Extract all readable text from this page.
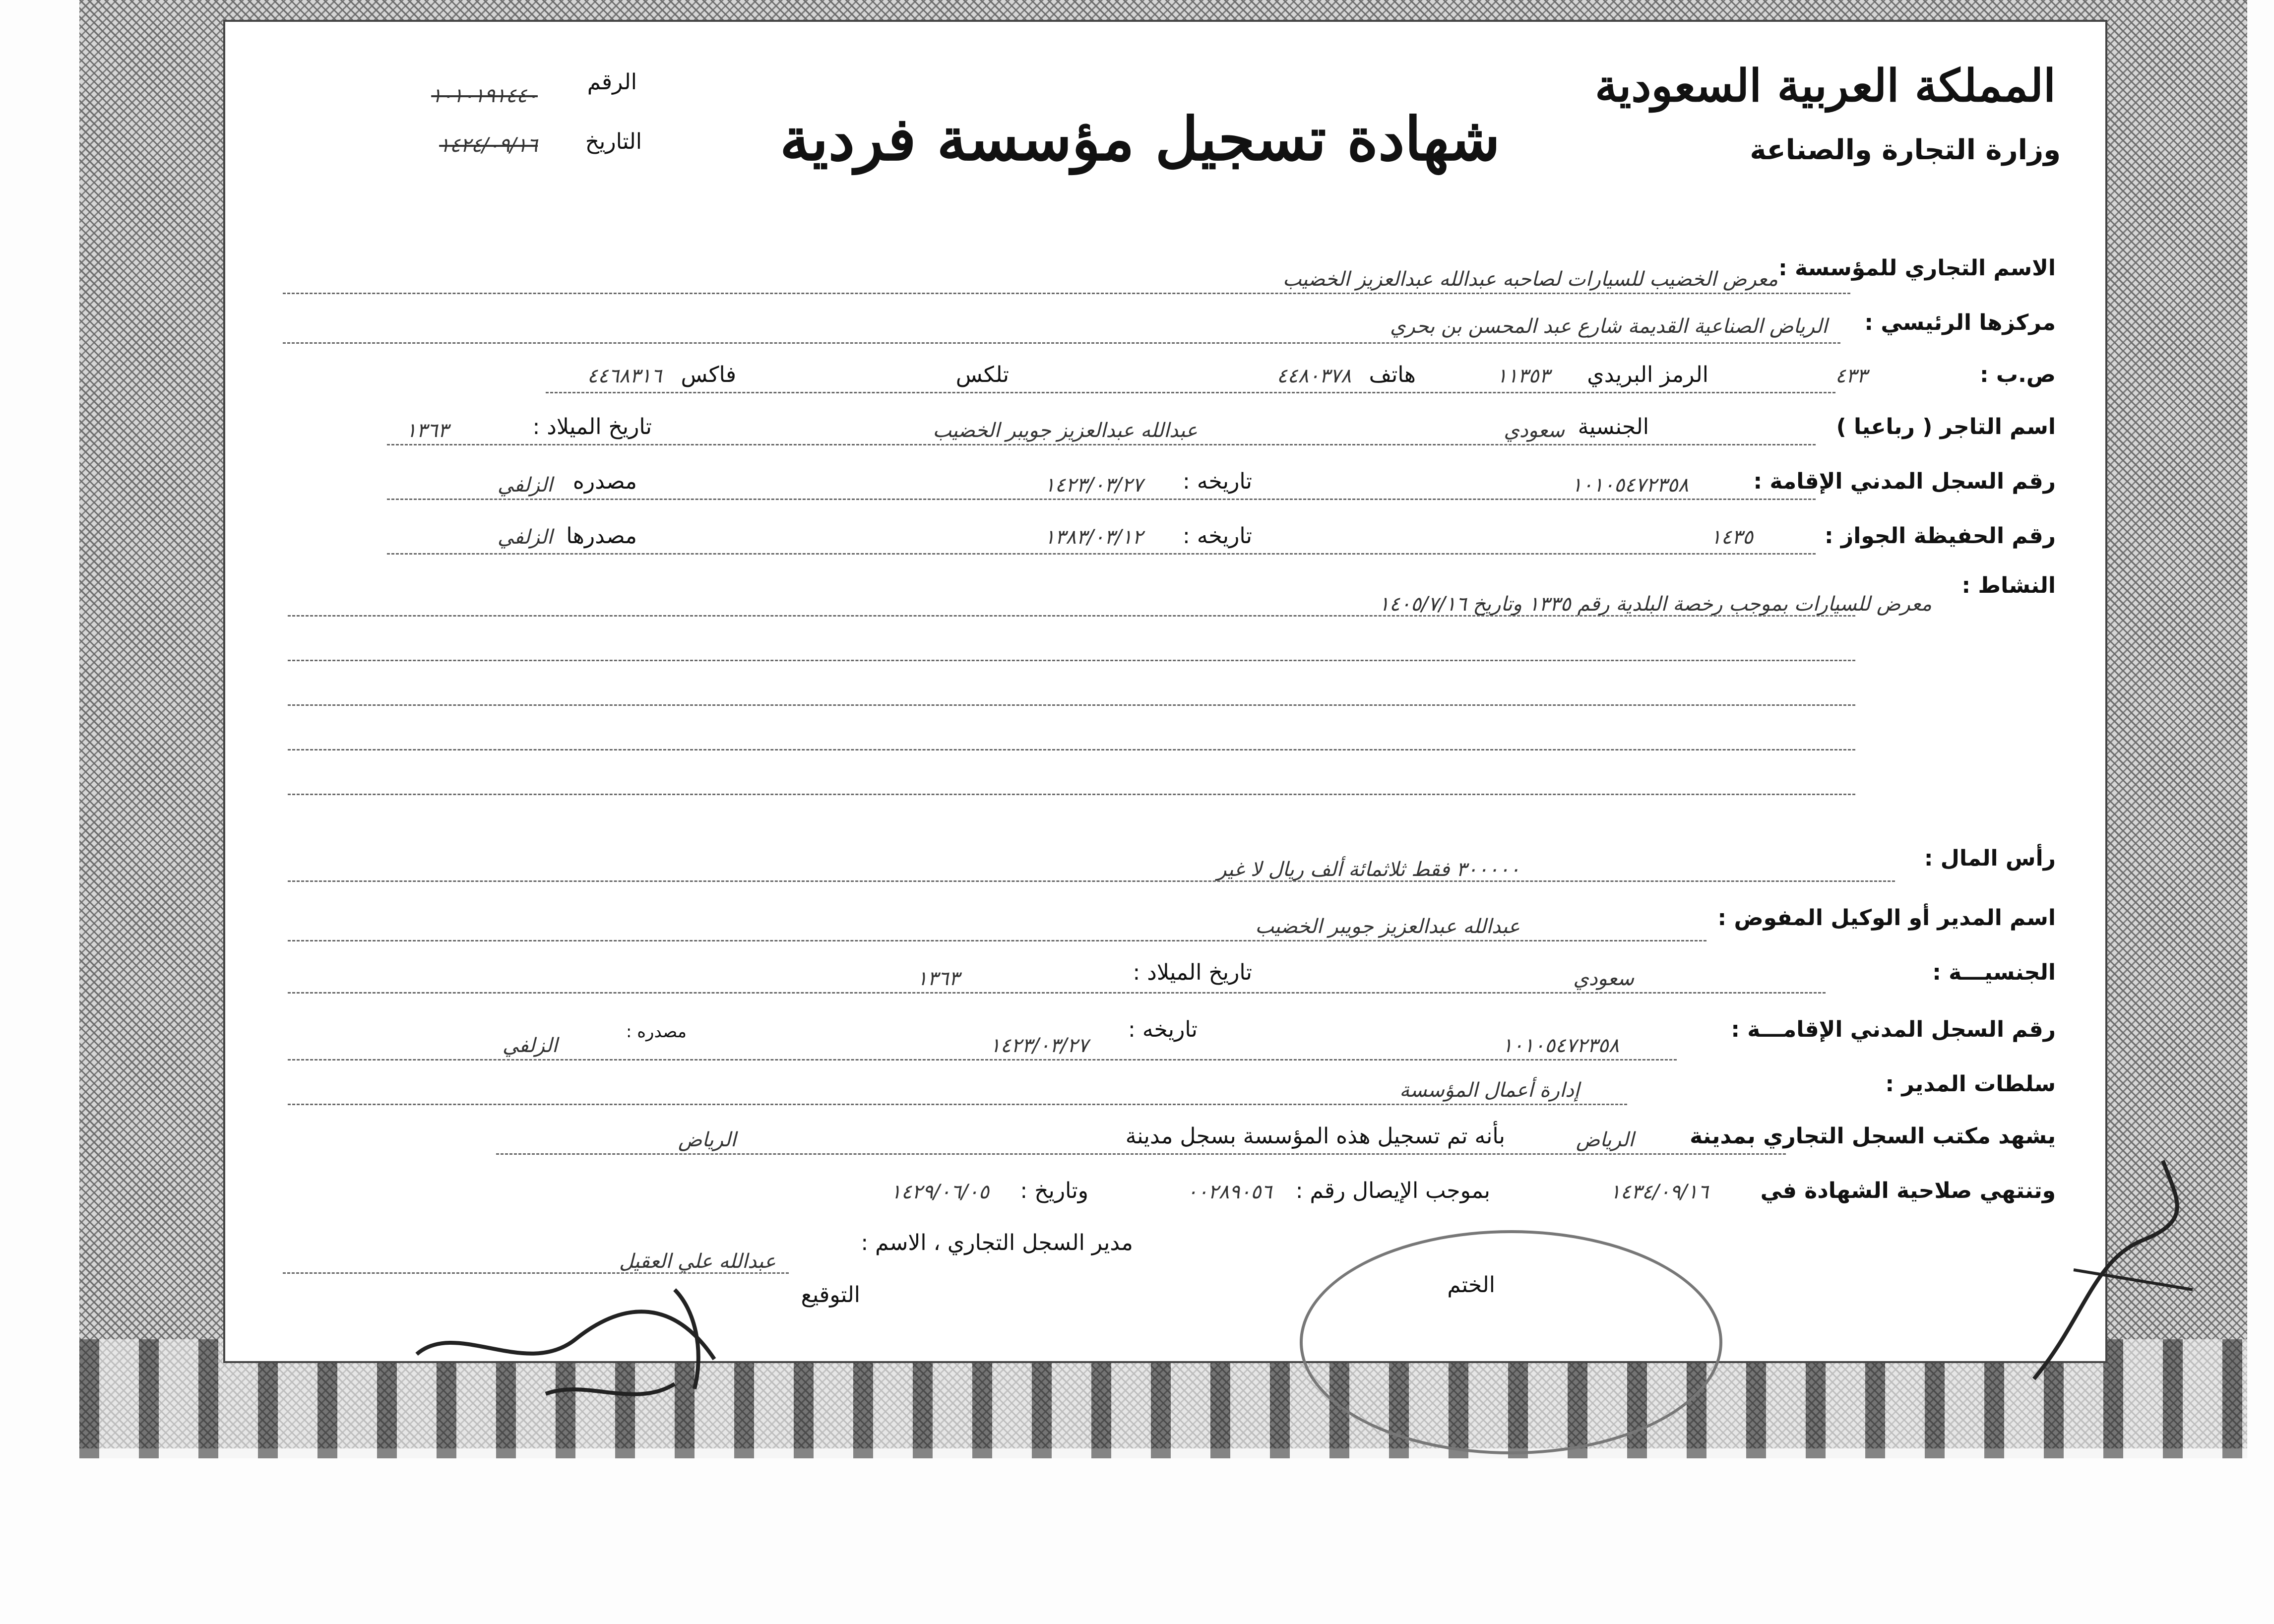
المملكة العربية السعودية
وزارة التجارة والصناعة
شهادة تسجيل مؤسسة فردية
الرقم
١٠١٠١٩١٤٤٠
التاريخ
١٤٢٤/٠٩/١٦
الاسم التجاري للمؤسسة :
معرض الخضيب للسيارات لصاحبه عبدالله عبدالعزيز الخضيب
مركزها الرئيسي :
الرياض الصناعية القديمة شارع عبد المحسن بن بحري
ص.ب :
٤٣٣
الرمز البريدي
١١٣٥٣
هاتف
٤٤٨٠٣٧٨
تلكس
فاكس
٤٤٦٨٣١٦
اسم التاجر ( رباعيا )
عبدالله عبدالعزيز جويبر الخضيب	الجنسية
سعودي
تاريخ الميلاد :
١٣٦٣
رقم السجل المدني الإقامة :
١٠١٠٥٤٧٢٣٥٨
تاريخه :
١٤٢٣/٠٣/٢٧
مصدره
الزلفي
رقم الحفيظة الجواز :
١٤٣٥
تاريخه :
١٣٨٣/٠٣/١٢
مصدرها
الزلفي
النشاط :
معرض للسيارات بموجب رخصة البلدية رقم ١٣٣٥ وتاريخ ١٤٠٥/٧/١٦
رأس المال :
٣٠٠٠٠٠ فقط ثلاثمائة ألف ريال لا غير
اسم المدير أو الوكيل المفوض :
عبدالله عبدالعزيز جويبر الخضيب
الجنسيـــة :
سعودي
تاريخ الميلاد :
١٣٦٣
رقم السجل المدني الإقامـــة :
١٠١٠٥٤٧٢٣٥٨
تاريخه :
١٤٢٣/٠٣/٢٧
مصدره :
الزلفي
سلطات المدير :
إدارة أعمال المؤسسة
يشهد مكتب السجل التجاري بمدينة
الرياض
بأنه تم تسجيل هذه المؤسسة بسجل مدينة
الرياض
وتنتهي صلاحية الشهادة في
١٤٣٤/٠٩/١٦
بموجب الإيصال رقم :
٠٠٢٨٩٠٥٦
وتاريخ :
١٤٢٩/٠٦/٠٥
مدير السجل التجاري ، الاسم :
عبدالله علي العقيل
التوقيع	الختم
